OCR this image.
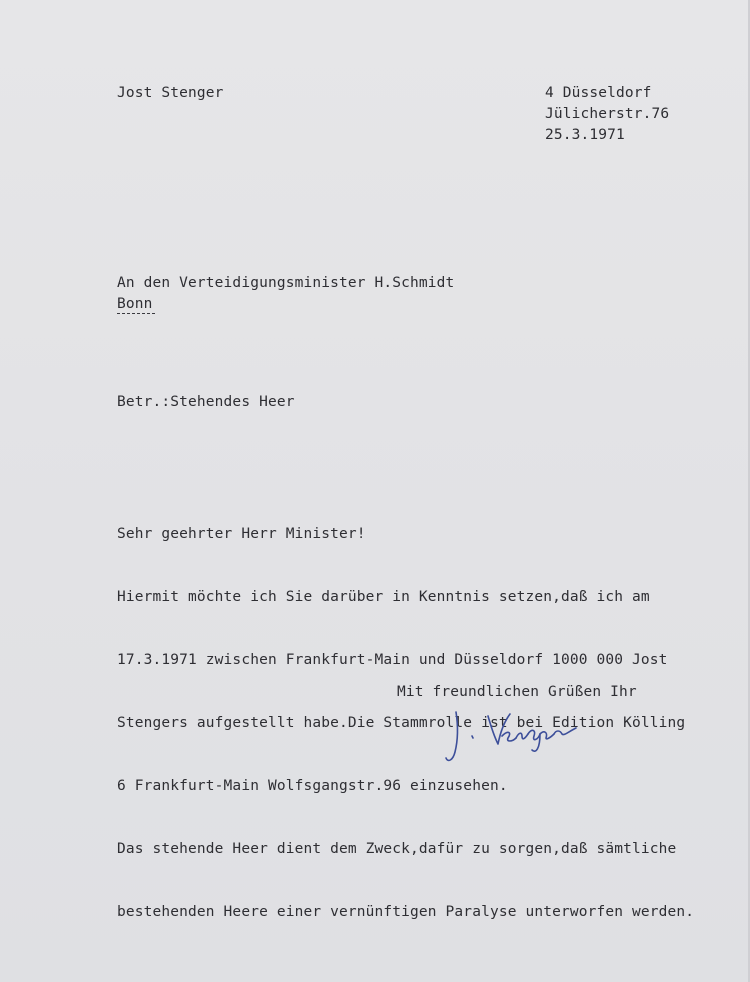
Jost Stenger	4 Düsseldorf

Jülicherstr.76

25.3.1971

An den Verteidigungsminister H.Schmidt

Bonn

Betr.:Stehendes Heer

Sehr geehrter Herr Minister!

Hiermit möchte ich Sie darüber in Kenntnis setzen,daß ich am

17.3.1971 zwischen Frankfurt-Main und Düsseldorf 1000 000 Jost

Stengers aufgestellt habe.Die Stammrolle ist bei Edition Kölling

6 Frankfurt-Main Wolfsgangstr.96 einzusehen.

Das stehende Heer dient dem Zweck,dafür zu sorgen,daß sämtliche

bestehenden Heere einer vernünftigen Paralyse unterworfen werden.

Mit freundlichen Grüßen Ihr
